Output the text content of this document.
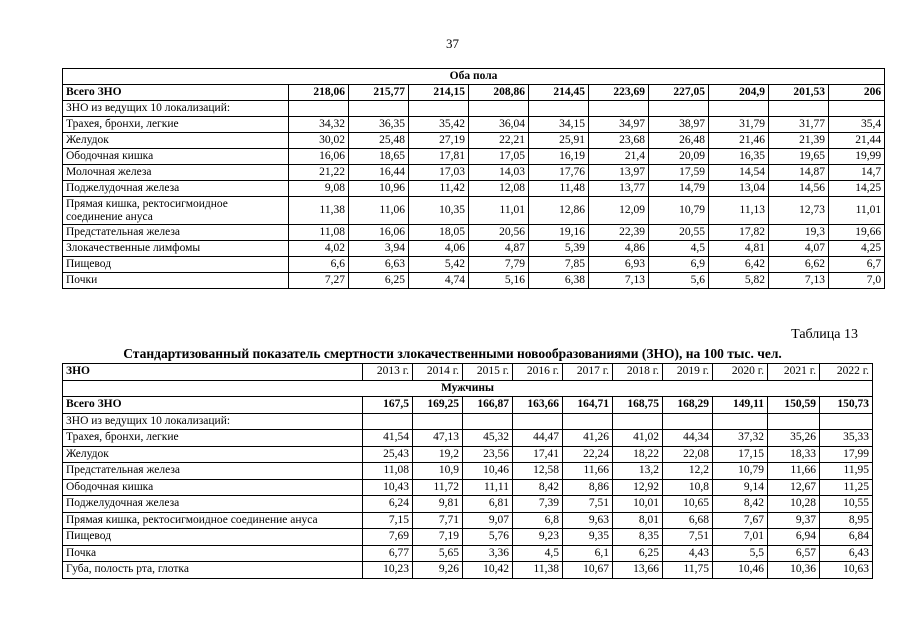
37
Оба пола										
Всего ЗНО	218,06	215,77	214,15	208,86	214,45	223,69	227,05	204,9	201,53	206
ЗНО из ведущих 10 локализаций:										
Трахея, бронхи, легкие	34,32	36,35	35,42	36,04	34,15	34,97	38,97	31,79	31,77	35,4
Желудок	30,02	25,48	27,19	22,21	25,91	23,68	26,48	21,46	21,39	21,44
Ободочная кишка	16,06	18,65	17,81	17,05	16,19	21,4	20,09	16,35	19,65	19,99
Молочная железа	21,22	16,44	17,03	14,03	17,76	13,97	17,59	14,54	14,87	14,7
Поджелудочная железа	9,08	10,96	11,42	12,08	11,48	13,77	14,79	13,04	14,56	14,25
Прямая кишка, ректосигмоидное соединение ануса	11,38	11,06	10,35	11,01	12,86	12,09	10,79	11,13	12,73	11,01
Предстательная железа	11,08	16,06	18,05	20,56	19,16	22,39	20,55	17,82	19,3	19,66
Злокачественные лимфомы	4,02	3,94	4,06	4,87	5,39	4,86	4,5	4,81	4,07	4,25
Пищевод	6,6	6,63	5,42	7,79	7,85	6,93	6,9	6,42	6,62	6,7
Почки	7,27	6,25	4,74	5,16	6,38	7,13	5,6	5,82	7,13	7,0
Таблица 13
Стандартизованный показатель смертности злокачественными новообразованиями (ЗНО), на 100 тыс. чел.
ЗНО	2013 г.	2014 г.	2015 г.	2016 г.	2017 г.	2018 г.	2019 г.	2020 г.	2021 г.	2022 г.
Мужчины										
Всего ЗНО	167,5	169,25	166,87	163,66	164,71	168,75	168,29	149,11	150,59	150,73
ЗНО из ведущих 10 локализаций:										
Трахея, бронхи, легкие	41,54	47,13	45,32	44,47	41,26	41,02	44,34	37,32	35,26	35,33
Желудок	25,43	19,2	23,56	17,41	22,24	18,22	22,08	17,15	18,33	17,99
Предстательная железа	11,08	10,9	10,46	12,58	11,66	13,2	12,2	10,79	11,66	11,95
Ободочная кишка	10,43	11,72	11,11	8,42	8,86	12,92	10,8	9,14	12,67	11,25
Поджелудочная железа	6,24	9,81	6,81	7,39	7,51	10,01	10,65	8,42	10,28	10,55
Прямая кишка, ректосигмоидное соединение ануса	7,15	7,71	9,07	6,8	9,63	8,01	6,68	7,67	9,37	8,95
Пищевод	7,69	7,19	5,76	9,23	9,35	8,35	7,51	7,01	6,94	6,84
Почка	6,77	5,65	3,36	4,5	6,1	6,25	4,43	5,5	6,57	6,43
Губа, полость рта, глотка	10,23	9,26	10,42	11,38	10,67	13,66	11,75	10,46	10,36	10,63
